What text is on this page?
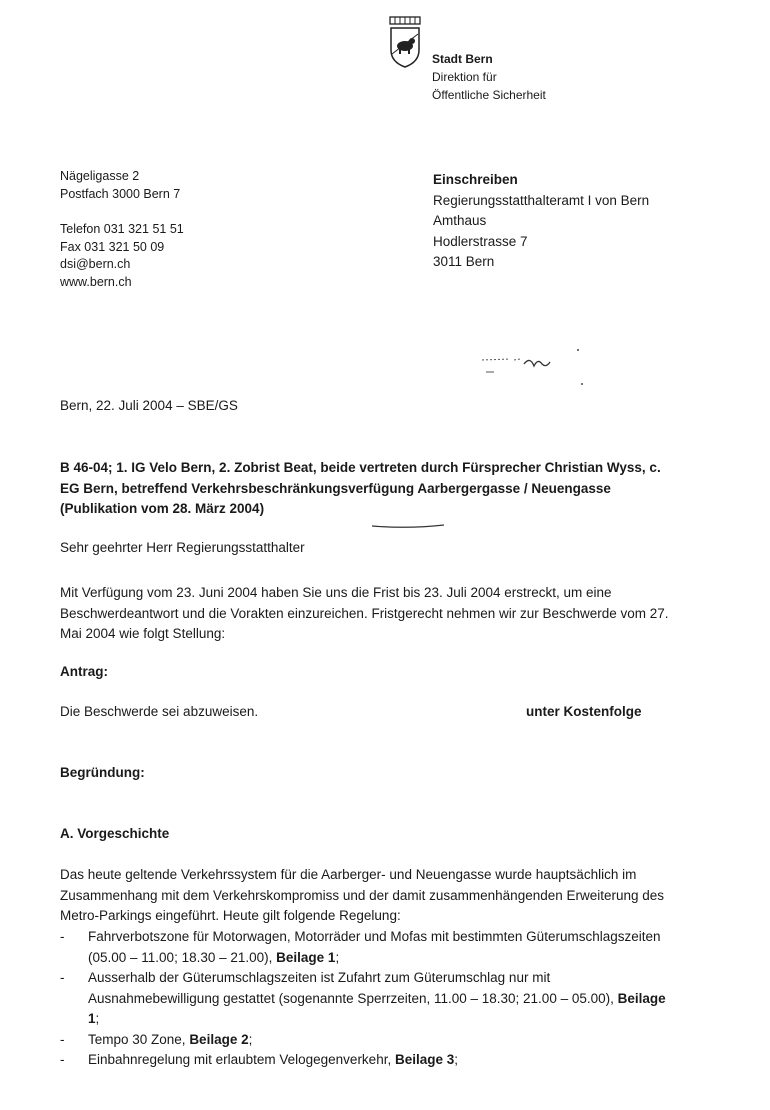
Stadt Bern
Direktion für
Öffentliche Sicherheit
Nägeligasse 2
Postfach 3000 Bern 7
Telefon 031 321 51 51
Fax 031 321 50 09
dsi@bern.ch
www.bern.ch
Einschreiben
Regierungsstatthalteramt I von Bern
Amthaus
Hodlerstrasse 7
3011 Bern
Bern, 22. Juli 2004 – SBE/GS
B 46-04; 1. IG Velo Bern, 2. Zobrist Beat, beide vertreten durch Fürsprecher Christian Wyss, c. EG Bern, betreffend Verkehrsbeschränkungsverfügung Aarbergergasse / Neuengasse (Publikation vom 28. März 2004)
Sehr geehrter Herr Regierungsstatthalter
Mit Verfügung vom 23. Juni 2004 haben Sie uns die Frist bis 23. Juli 2004 erstreckt, um eine Beschwerdeantwort und die Vorakten einzureichen. Fristgerecht nehmen wir zur Beschwerde vom 27. Mai 2004 wie folgt Stellung:
Antrag:
Die Beschwerde sei abzuweisen.	unter Kostenfolge
Begründung:
A. Vorgeschichte
Das heute geltende Verkehrssystem für die Aarberger- und Neuengasse wurde hauptsächlich im Zusammenhang mit dem Verkehrskompromiss und der damit zusammenhängenden Erweiterung des Metro-Parkings eingeführt. Heute gilt folgende Regelung:
- Fahrverbotszone für Motorwagen, Motorräder und Mofas mit bestimmten Güterumschlagszeiten (05.00 – 11.00; 18.30 – 21.00), Beilage 1;
- Ausserhalb der Güterumschlagszeiten ist Zufahrt zum Güterumschlag nur mit Ausnahmebewilligung gestattet (sogenannte Sperrzeiten, 11.00 – 18.30; 21.00 – 05.00), Beilage 1;
- Tempo 30 Zone, Beilage 2;
- Einbahnregelung mit erlaubtem Velogegenverkehr, Beilage 3;
